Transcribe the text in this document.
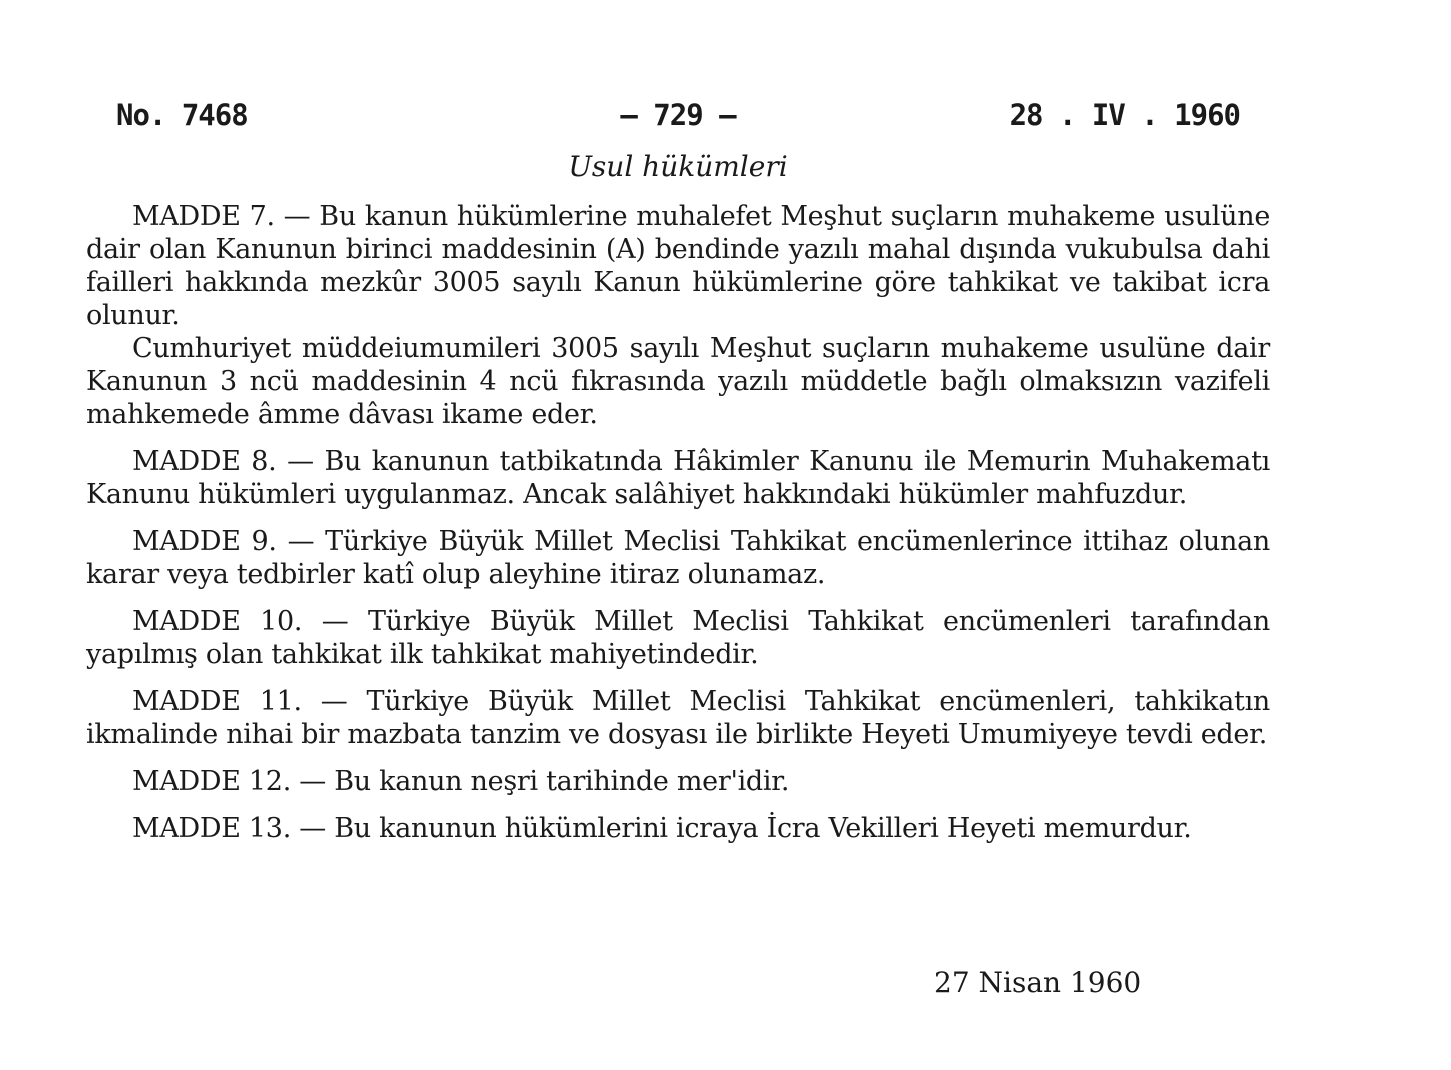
No. 7468	— 729 —	28 . IV . 1960
Usul hükümleri

MADDE 7. — Bu kanun hükümlerine muhalefet Meşhut suçların muhakeme usulüne dair olan Kanunun birinci maddesinin (A) bendinde yazılı mahal dışında vukubulsa dahi failleri hakkında mezkûr 3005 sayılı Kanun hükümlerine göre tahkikat ve takibat icra olunur.

Cumhuriyet müddeiumumileri 3005 sayılı Meşhut suçların muhakeme usulüne dair Kanunun 3 ncü maddesinin 4 ncü fıkrasında yazılı müddetle bağlı olmaksızın vazifeli mahkemede âmme dâvası ikame eder.

MADDE 8. — Bu kanunun tatbikatında Hâkimler Kanunu ile Memurin Muhakematı Kanunu hükümleri uygulanmaz. Ancak salâhiyet hakkındaki hükümler mahfuzdur.

MADDE 9. — Türkiye Büyük Millet Meclisi Tahkikat encümenlerince ittihaz olunan karar veya tedbirler katî olup aleyhine itiraz olunamaz.

MADDE 10. — Türkiye Büyük Millet Meclisi Tahkikat encümenleri tarafından yapılmış olan tahkikat ilk tahkikat mahiyetindedir.

MADDE 11. — Türkiye Büyük Millet Meclisi Tahkikat encümenleri, tahkikatın ikmalinde nihai bir mazbata tanzim ve dosyası ile birlikte Heyeti Umumiyeye tevdi eder.

MADDE 12. — Bu kanun neşri tarihinde mer'idir.

MADDE 13. — Bu kanunun hükümlerini icraya İcra Vekilleri Heyeti memurdur.

27 Nisan 1960
